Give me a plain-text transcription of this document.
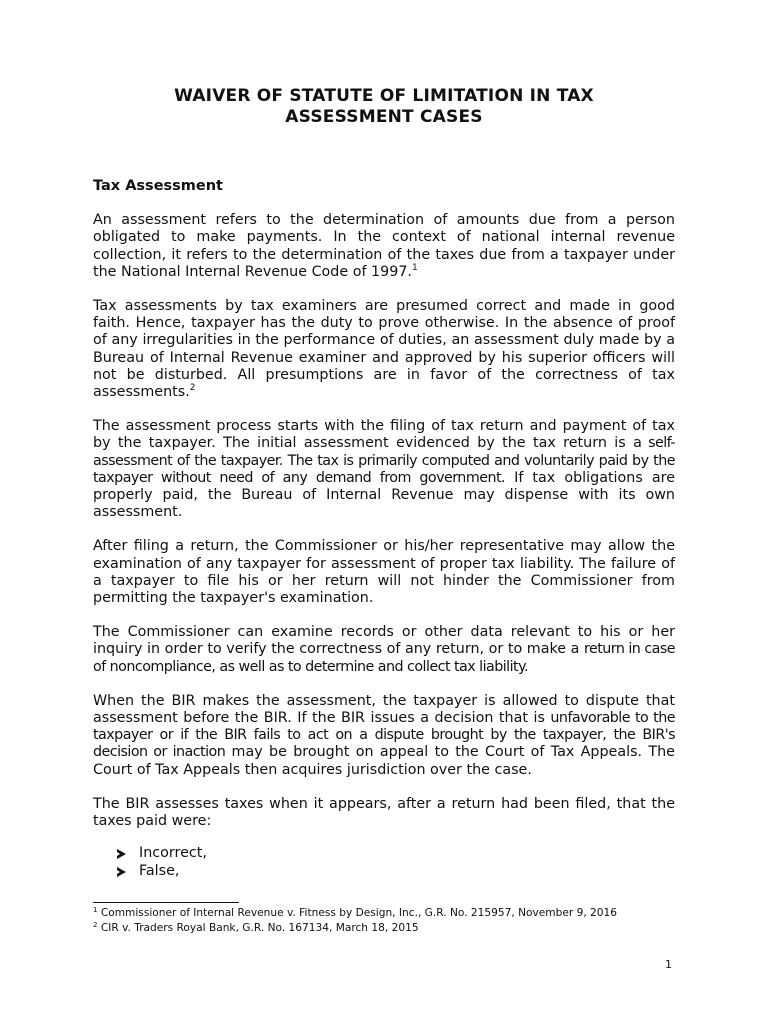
WAIVER OF STATUTE OF LIMITATION IN TAX
ASSESSMENT CASES
Tax Assessment

An assessment refers to the determination of amounts due from a person obligated to make payments. In the context of national internal revenue collection, it refers to the determination of the taxes due from a taxpayer under the National Internal Revenue Code of 1997.$^1$

Tax assessments by tax examiners are presumed correct and made in good faith. Hence, taxpayer has the duty to prove otherwise. In the absence of proof of any irregularities in the performance of duties, an assessment duly made by a Bureau of Internal Revenue examiner and approved by his superior officers will not be disturbed. All presumptions are in favor of the correctness of tax assessments.$^2$

The assessment process starts with the filing of tax return and payment of tax by the taxpayer. The initial assessment evidenced by the tax return is a self-assessment of the taxpayer. The tax is primarily computed and voluntarily paid by the taxpayer without need of any demand from government. If tax obligations are properly paid, the Bureau of Internal Revenue may dispense with its own assessment.

After filing a return, the Commissioner or his/her representative may allow the examination of any taxpayer for assessment of proper tax liability. The failure of a taxpayer to file his or her return will not hinder the Commissioner from permitting the taxpayer's examination.

The Commissioner can examine records or other data relevant to his or her inquiry in order to verify the correctness of any return, or to make a return in case of noncompliance, as well as to determine and collect tax liability.

When the BIR makes the assessment, the taxpayer is allowed to dispute that assessment before the BIR. If the BIR issues a decision that is unfavorable to the taxpayer or if the BIR fails to act on a dispute brought by the taxpayer, the BIR's decision or inaction may be brought on appeal to the Court of Tax Appeals. The Court of Tax Appeals then acquires jurisdiction over the case.

The BIR assesses taxes when it appears, after a return had been filed, that the taxes paid were:

Incorrect,
False,
$^1$ Commissioner of Internal Revenue v. Fitness by Design, Inc., G.R. No. 215957, November 9, 2016
$^2$ CIR v. Traders Royal Bank, G.R. No. 167134, March 18, 2015
1
